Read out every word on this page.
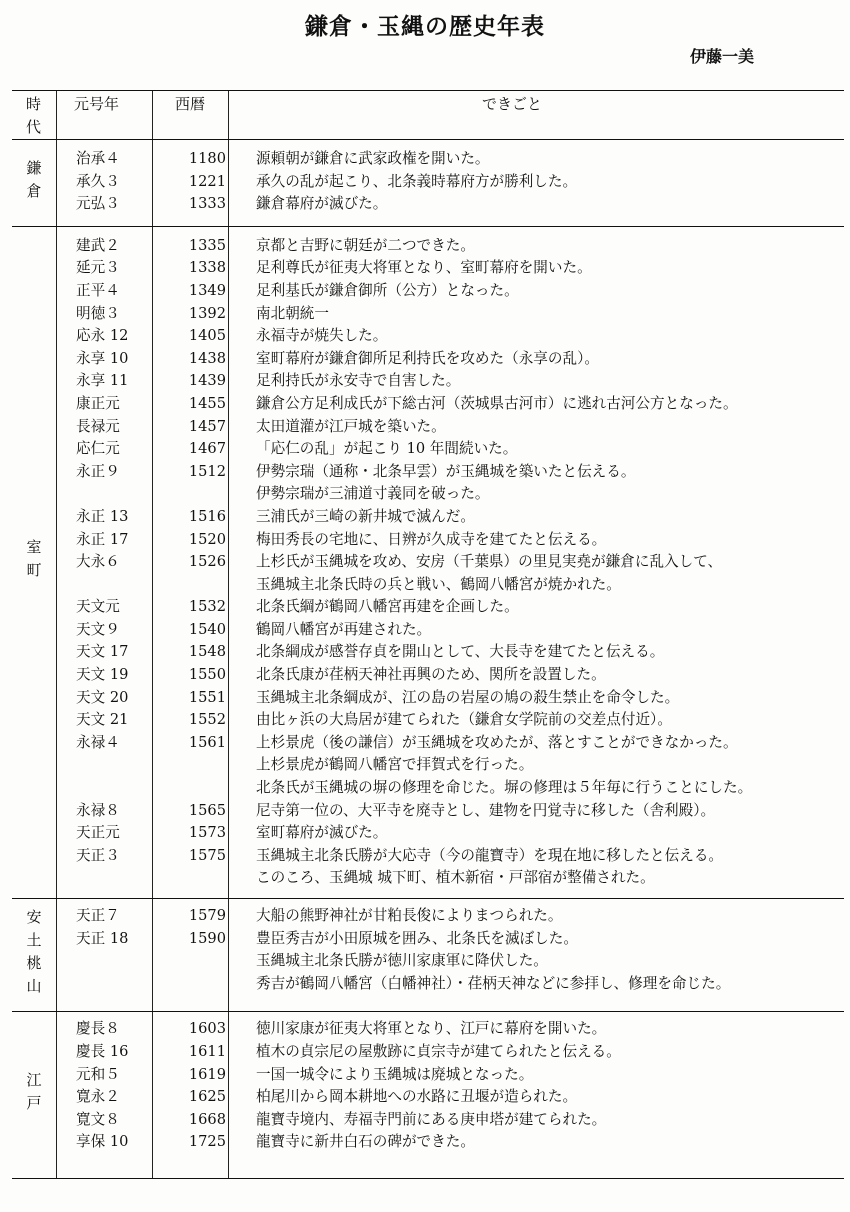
鎌倉・玉縄の歴史年表
伊藤一美
時
代
元号年	西暦	できごと
鎌倉
治承４	1180 源頼朝が鎌倉に武家政権を開いた。
承久３	1221 承久の乱が起こり、北条義時幕府方が勝利した。
元弘３	1333 鎌倉幕府が滅びた。
室町
建武２	1335 京都と吉野に朝廷が二つできた。
延元３	1338 足利尊氏が征夷大将軍となり、室町幕府を開いた。
正平４	1349 足利基氏が鎌倉御所（公方）となった。
明徳３	1392 南北朝統一
応永 12	1405 永福寺が焼失した。
永享 10	1438 室町幕府が鎌倉御所足利持氏を攻めた（永享の乱）。
永享 11	1439 足利持氏が永安寺で自害した。
康正元	1455 鎌倉公方足利成氏が下総古河（茨城県古河市）に逃れ古河公方となった。
長禄元	1457 太田道灌が江戸城を築いた。
応仁元	1467 「応仁の乱」が起こり 10 年間続いた。
永正９	1512 伊勢宗瑞（通称・北条早雲）が玉縄城を築いたと伝える。
伊勢宗瑞が三浦道寸義同を破った。
永正 13	1516 三浦氏が三崎の新井城で滅んだ。
永正 17	1520 梅田秀長の宅地に、日辨が久成寺を建てたと伝える。
大永６	1526 上杉氏が玉縄城を攻め、安房（千葉県）の里見実堯が鎌倉に乱入して、
玉縄城主北条氏時の兵と戦い、鶴岡八幡宮が焼かれた。
天文元	1532 北条氏綱が鶴岡八幡宮再建を企画した。
天文９	1540 鶴岡八幡宮が再建された。
天文 17	1548 北条綱成が感誉存貞を開山として、大長寺を建てたと伝える。
天文 19	1550 北条氏康が荏柄天神社再興のため、関所を設置した。
天文 20	1551 玉縄城主北条綱成が、江の島の岩屋の鳩の殺生禁止を命令した。
天文 21	1552 由比ヶ浜の大鳥居が建てられた（鎌倉女学院前の交差点付近）。
永禄４	1561 上杉景虎（後の謙信）が玉縄城を攻めたが、落とすことができなかった。
上杉景虎が鶴岡八幡宮で拝賀式を行った。
北条氏が玉縄城の塀の修理を命じた。塀の修理は５年毎に行うことにした。
永禄８	1565 尼寺第一位の、大平寺を廃寺とし、建物を円覚寺に移した（舎利殿）。
天正元	1573 室町幕府が滅びた。
天正３	1575 玉縄城主北条氏勝が大応寺（今の龍寶寺）を現在地に移したと伝える。
このころ、玉縄城 城下町、植木新宿・戸部宿が整備された。
安土桃山	天正７	1579 大船の熊野神社が甘粕長俊によりまつられた。
天正 18	1590 豊臣秀吉が小田原城を囲み、北条氏を滅ぼした。
玉縄城主北条氏勝が徳川家康軍に降伏した。
秀吉が鶴岡八幡宮（白幡神社）・荏柄天神などに参拝し、修理を命じた。
江戸
慶長８	1603 徳川家康が征夷大将軍となり、江戸に幕府を開いた。
慶長 16	1611 植木の貞宗尼の屋敷跡に貞宗寺が建てられたと伝える。
元和５	1619 一国一城令により玉縄城は廃城となった。
寛永２	1625 柏尾川から岡本耕地への水路に丑堰が造られた。
寛文８	1668 龍寶寺境内、寿福寺門前にある庚申塔が建てられた。
享保 10	1725 龍寶寺に新井白石の碑ができた。
